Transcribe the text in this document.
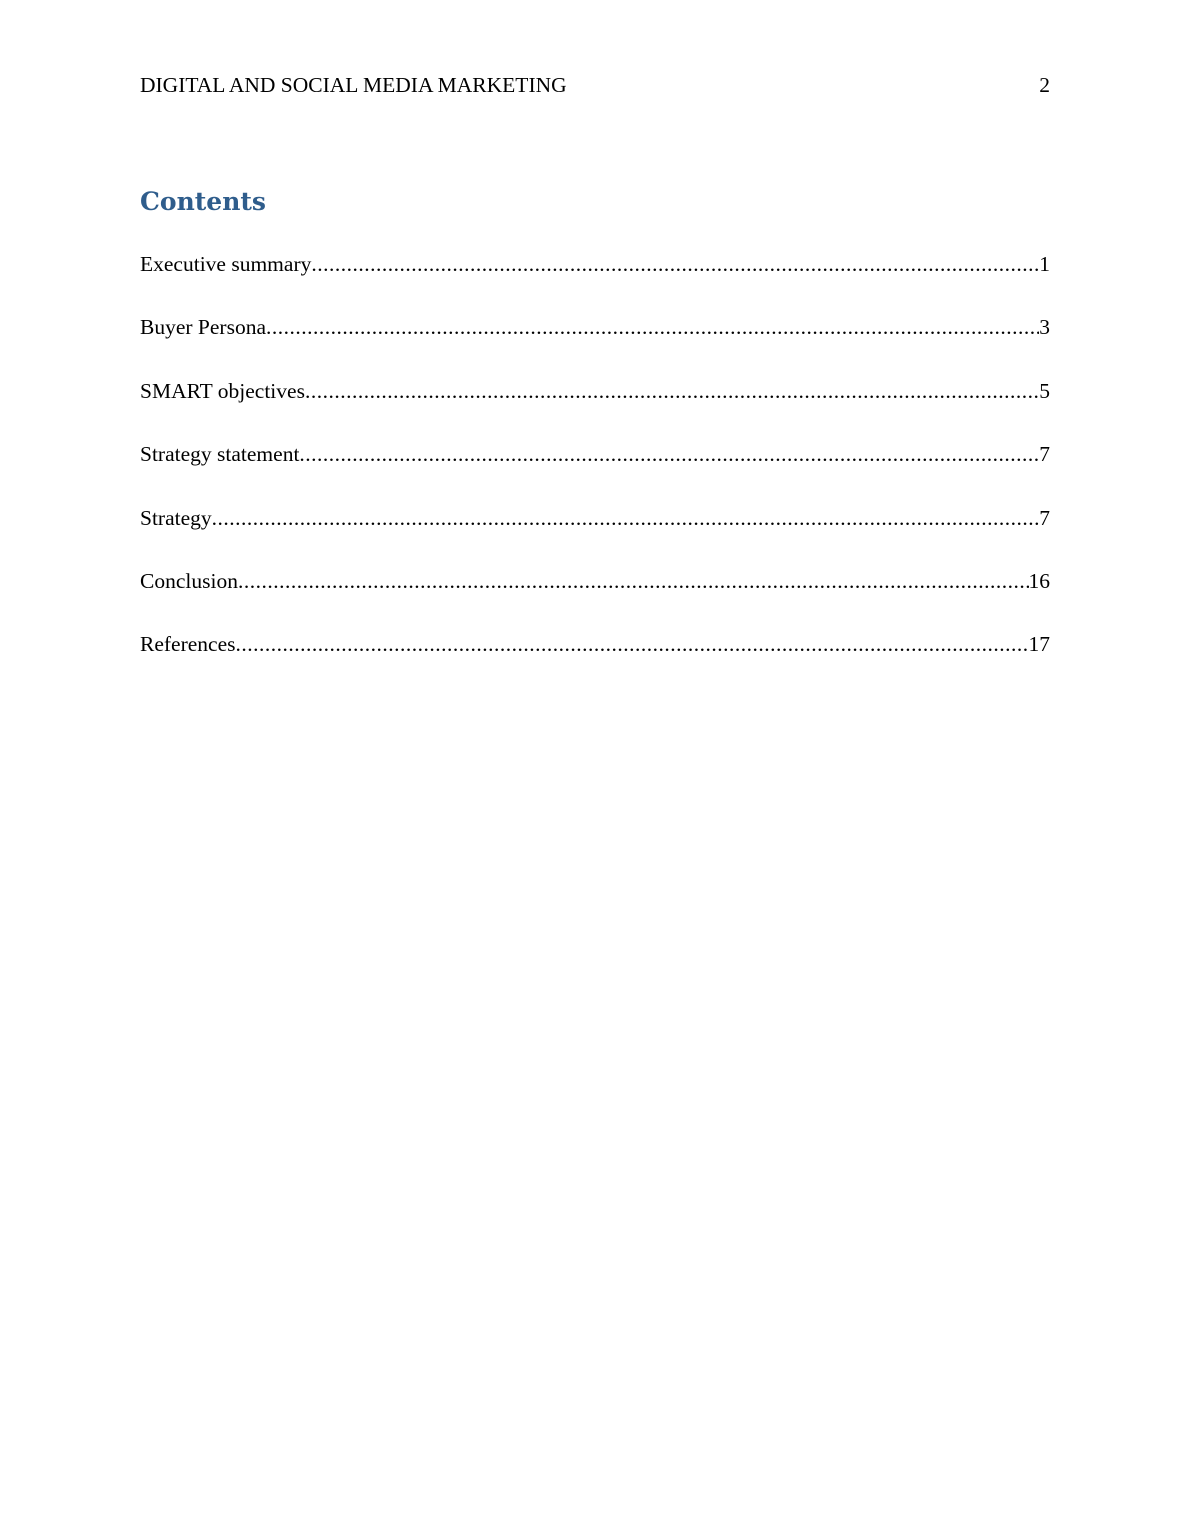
DIGITAL AND SOCIAL MEDIA MARKETING	2
Contents
Executive summary .....	1
Buyer Persona .....	3
SMART objectives .....	5
Strategy statement .....	7
Strategy .....	7
Conclusion .....	16
References .....	17
